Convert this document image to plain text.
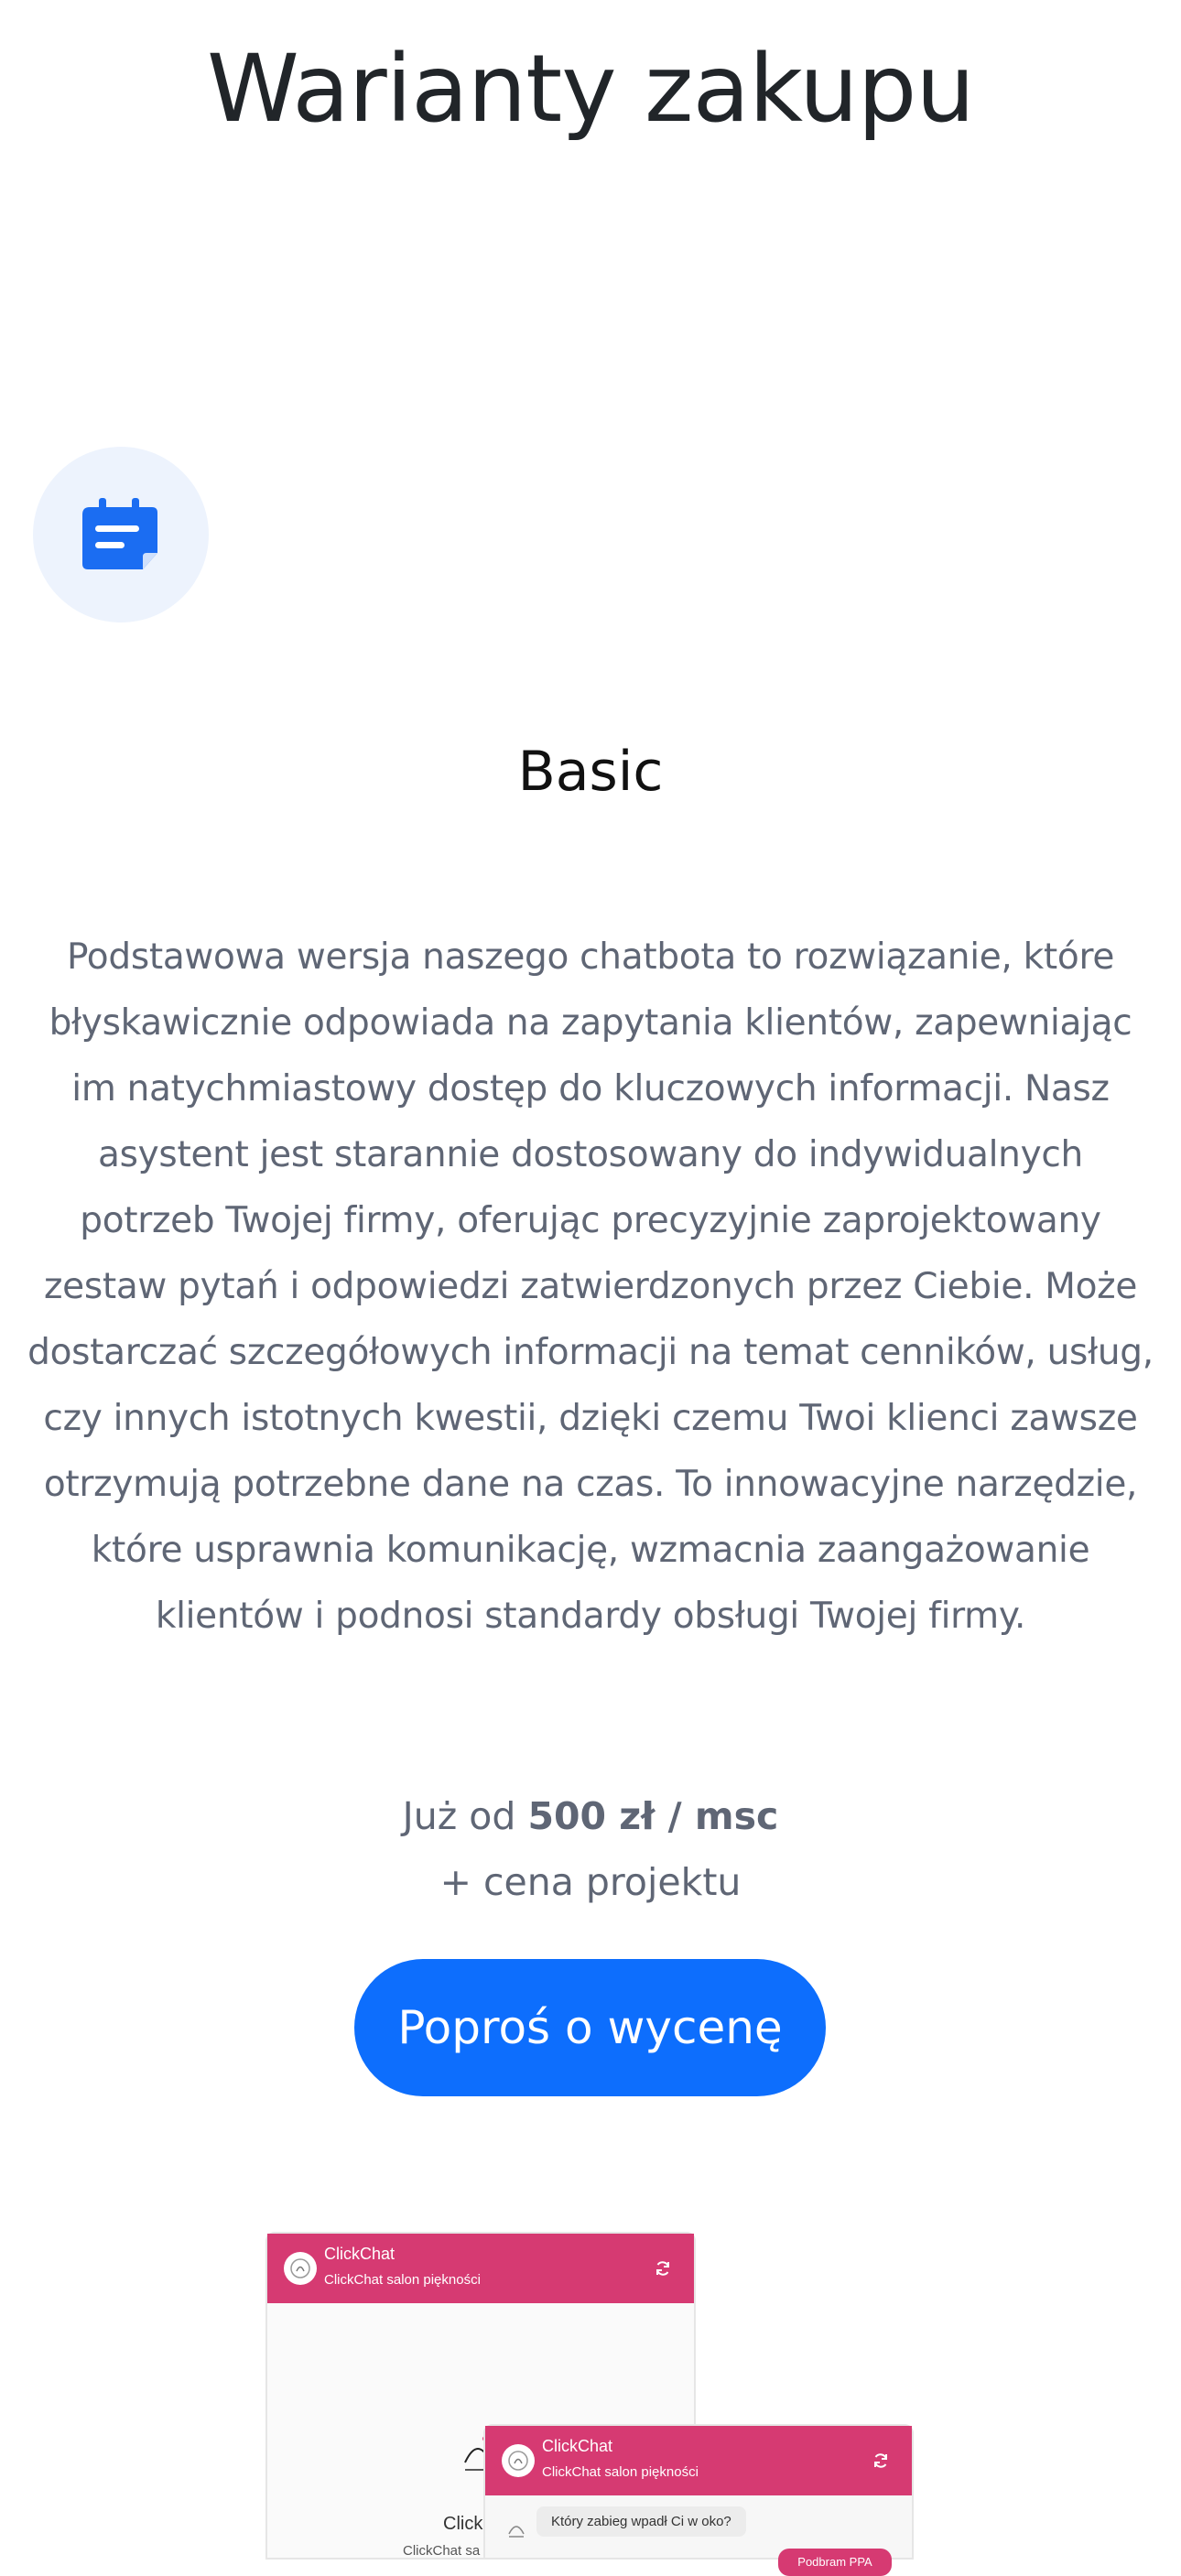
Warianty zakupu
Basic

Podstawowa wersja naszego chatbota to rozwiązanie, które błyskawicznie odpowiada na zapytania klientów, zapewniając im natychmiastowy dostęp do kluczowych informacji. Nasz asystent jest starannie dostosowany do indywidualnych potrzeb Twojej firmy, oferując precyzyjnie zaprojektowany zestaw pytań i odpowiedzi zatwierdzonych przez Ciebie. Może dostarczać szczegółowych informacji na temat cenników, usług, czy innych istotnych kwestii, dzięki czemu Twoi klienci zawsze otrzymują potrzebne dane na czas. To innowacyjne narzędzie, które usprawnia komunikację, wzmacnia zaangażowanie klientów i podnosi standardy obsługi Twojej firmy.

Już od 500 zł / msc

+ cena projektu

Poproś o wycenę
ClickChat
ClickChat salon piękności
Click
ClickChat sa
ClickChat
ClickChat salon piękności
Który zabieg wpadł Ci w oko?
Podbram PPA
